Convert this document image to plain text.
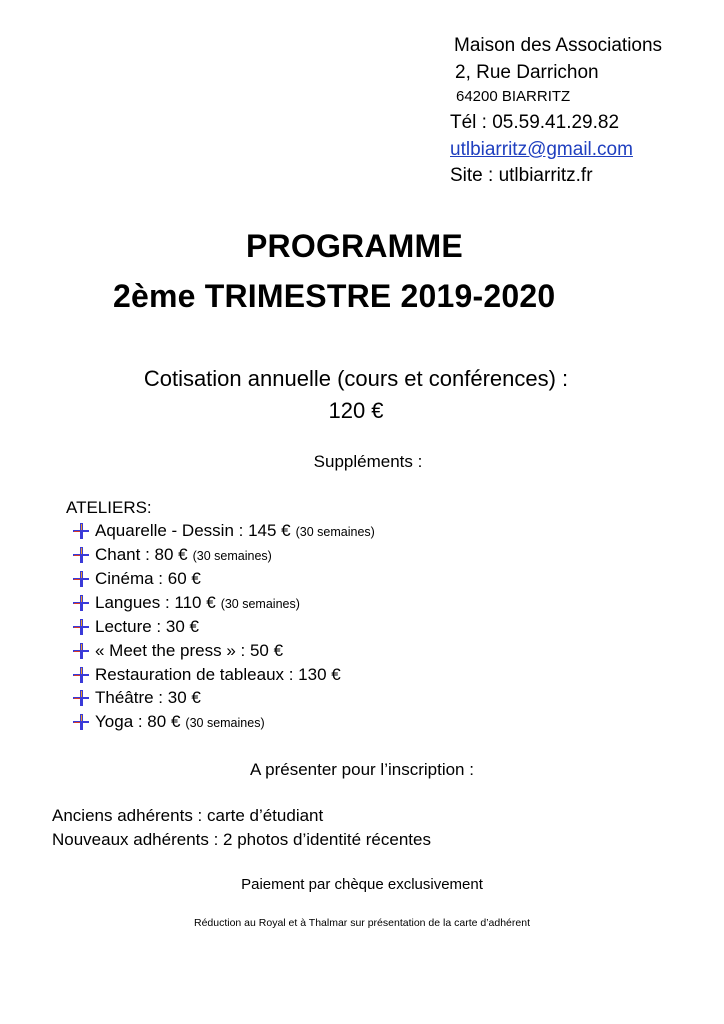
Maison des Associations
2, Rue Darrichon
64200 BIARRITZ
Tél : 05.59.41.29.82
utlbiarritz@gmail.com
Site : utlbiarritz.fr
PROGRAMME
2ème TRIMESTRE 2019-2020
Cotisation annuelle (cours et conférences) :
120 €
Suppléments :
ATELIERS:
Aquarelle - Dessin : 145 € (30 semaines)
Chant : 80 € (30 semaines)
Cinéma : 60 €
Langues : 110 € (30 semaines)
Lecture : 30 €
« Meet the press » : 50 €
Restauration de tableaux : 130 €
Théâtre : 30 €
Yoga : 80 € (30 semaines)
A présenter pour l’inscription :
Anciens adhérents : carte d’étudiant
Nouveaux adhérents : 2 photos d’identité récentes
Paiement par chèque exclusivement
Réduction au Royal et à Thalmar sur présentation de la carte d’adhérent
